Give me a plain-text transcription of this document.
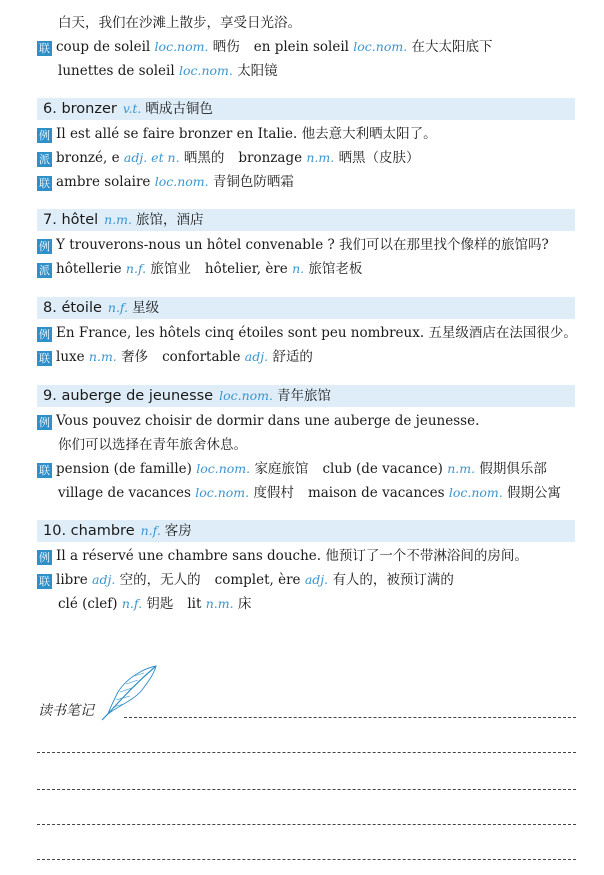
白天，我们在沙滩上散步，享受日光浴。
联 coup de soleil loc.nom. 晒伤 en plein soleil loc.nom. 在大太阳底下
lunettes de soleil loc.nom. 太阳镜
6. bronzer v.t. 晒成古铜色
例 Il est allé se faire bronzer en Italie. 他去意大利晒太阳了。
派 bronzé, e adj. et n. 晒黑的 bronzage n.m. 晒黑（皮肤）
联 ambre solaire loc.nom. 青铜色防晒霜
7. hôtel n.m. 旅馆，酒店
例 Y trouverons-nous un hôtel convenable ? 我们可以在那里找个像样的旅馆吗?
派 hôtellerie n.f. 旅馆业 hôtelier, ère n. 旅馆老板
8. étoile n.f. 星级
例 En France, les hôtels cinq étoiles sont peu nombreux. 五星级酒店在法国很少。
联 luxe n.m. 奢侈 confortable adj. 舒适的
9. auberge de jeunesse loc.nom. 青年旅馆
例 Vous pouvez choisir de dormir dans une auberge de jeunesse.
你们可以选择在青年旅舍休息。
联 pension (de famille) loc.nom. 家庭旅馆 club (de vacance) n.m. 假期俱乐部
village de vacances loc.nom. 度假村 maison de vacances loc.nom. 假期公寓
10. chambre n.f. 客房
例 Il a réservé une chambre sans douche. 他预订了一个不带淋浴间的房间。
联 libre adj. 空的，无人的 complet, ère adj. 有人的，被预订满的
clé (clef) n.f. 钥匙 lit n.m. 床
读书笔记
